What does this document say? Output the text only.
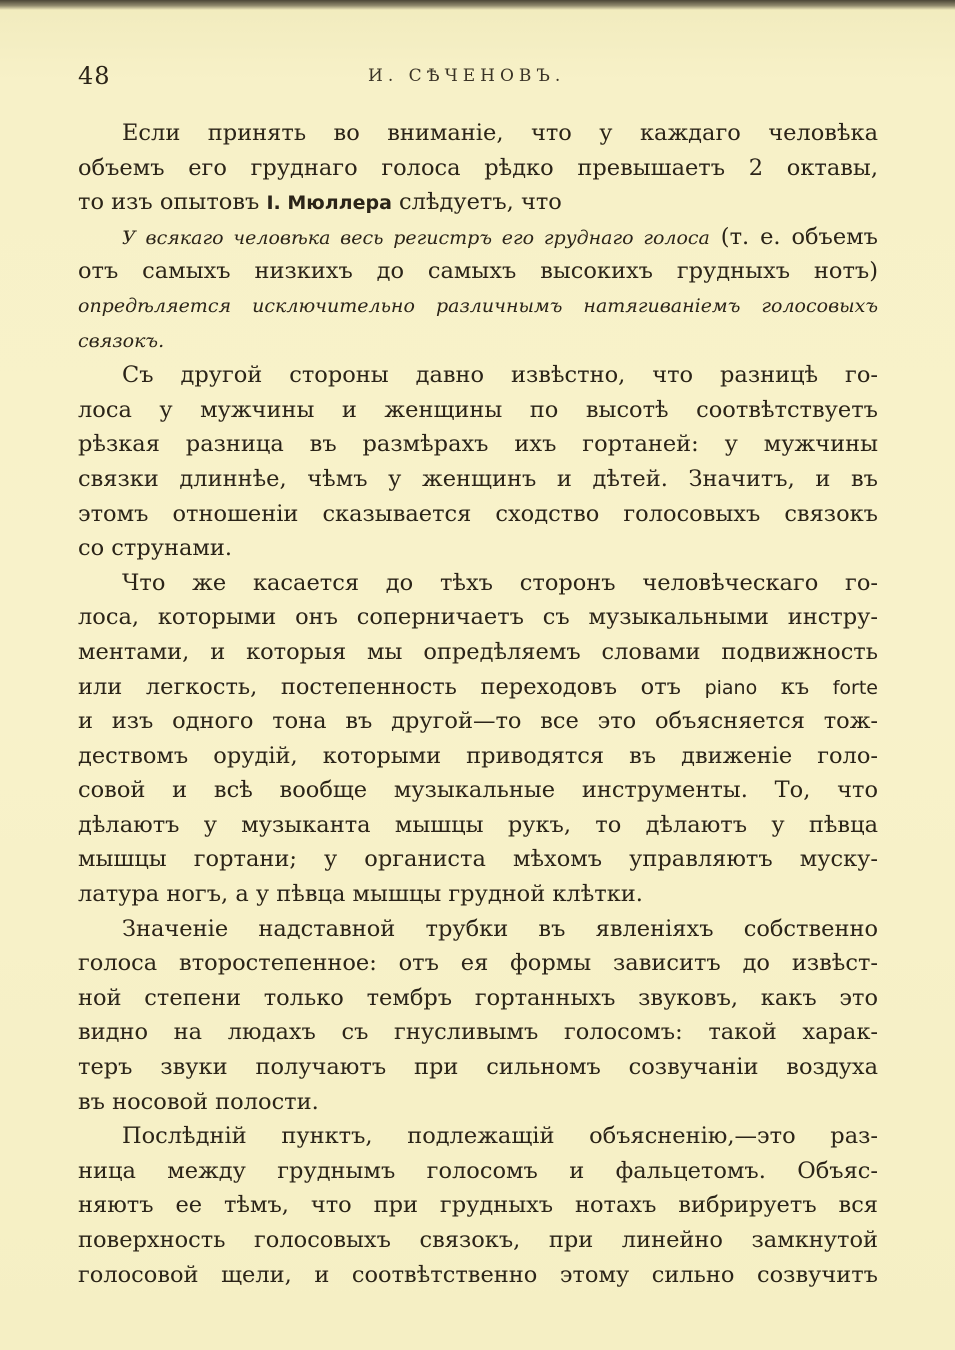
48	И. СѢЧЕНОВЪ.
Если принять во вниманіе, что у каждаго человѣка
объемъ его груднаго голоса рѣдко превышаетъ 2 октавы,
то изъ опытовъ I. Мюллера слѣдуетъ, что
У всякаго человѣка весь регистръ его груднаго голоса (т. е. объемъ
отъ самыхъ низкихъ до самыхъ высокихъ грудныхъ нотъ)
опредѣляется исключительно различнымъ натягиваніемъ голосовыхъ
связокъ.
Съ другой стороны давно извѣстно, что разницѣ го-
лоса у мужчины и женщины по высотѣ соотвѣтствуетъ
рѣзкая разница въ размѣрахъ ихъ гортаней: у мужчины
связки длиннѣе, чѣмъ у женщинъ и дѣтей. Значитъ, и въ
этомъ отношеніи сказывается сходство голосовыхъ связокъ
со струнами.
Что же касается до тѣхъ сторонъ человѣческаго го-
лоса, которыми онъ соперничаетъ съ музыкальными инстру-
ментами, и которыя мы опредѣляемъ словами подвижность
или легкость, постепенность переходовъ отъ piano къ forte
и изъ одного тона въ другой—то все это объясняется тож-
дествомъ орудій, которыми приводятся въ движеніе голо-
совой и всѣ вообще музыкальные инструменты. То, что
дѣлаютъ у музыканта мышцы рукъ, то дѣлаютъ у пѣвца
мышцы гортани; у органиста мѣхомъ управляютъ муску-
латура ногъ, а у пѣвца мышцы грудной клѣтки.
Значеніе надставной трубки въ явленіяхъ собственно
голоса второстепенное: отъ ея формы зависитъ до извѣст-
ной степени только тембръ гортанныхъ звуковъ, какъ это
видно на людахъ съ гнусливымъ голосомъ: такой харак-
теръ звуки получаютъ при сильномъ созвучаніи воздуха
въ носовой полости.
Послѣдній пунктъ, подлежащій объясненію,—это раз-
ница между груднымъ голосомъ и фальцетомъ. Объяс-
няютъ ее тѣмъ, что при грудныхъ нотахъ вибрируетъ вся
поверхность голосовыхъ связокъ, при линейно замкнутой
голосовой щели, и соотвѣтственно этому сильно созвучитъ
